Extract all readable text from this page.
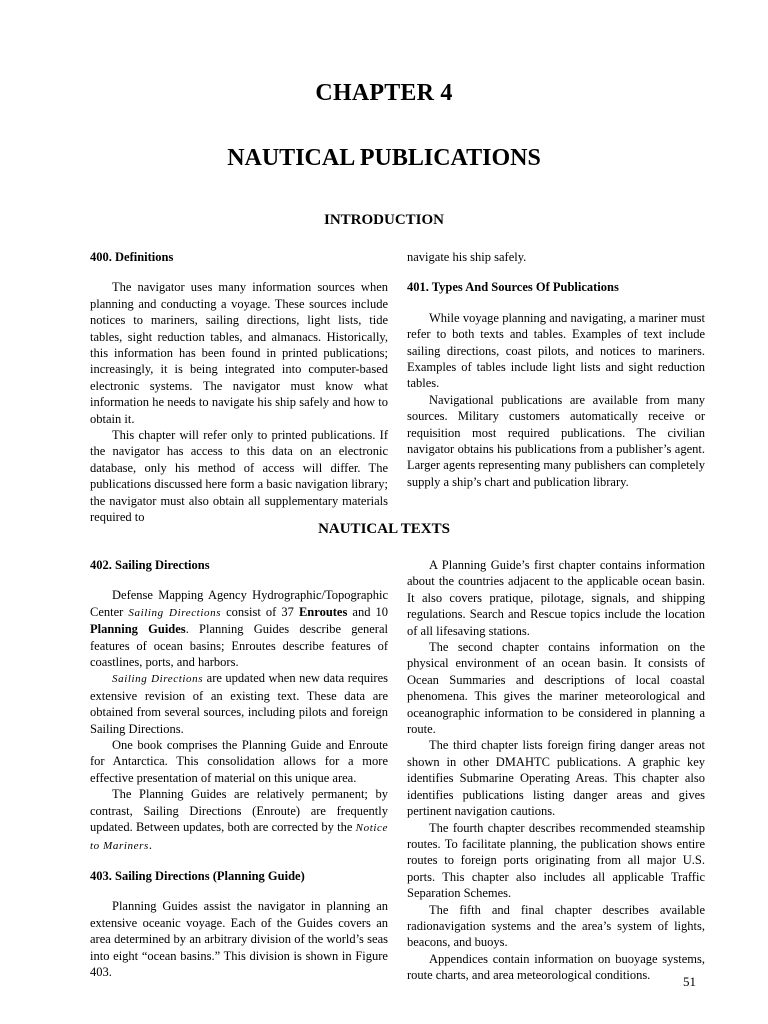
CHAPTER 4
NAUTICAL PUBLICATIONS
INTRODUCTION
400. Definitions

The navigator uses many information sources when planning and conducting a voyage. These sources include notices to mariners, sailing directions, light lists, tide tables, sight reduction tables, and almanacs. Historically, this information has been found in printed publications; increasingly, it is being integrated into computer-based electronic systems. The navigator must know what information he needs to navigate his ship safely and how to obtain it.

This chapter will refer only to printed publications. If the navigator has access to this data on an electronic database, only his method of access will differ. The publications discussed here form a basic navigation library; the navigator must also obtain all supplementary materials required to

navigate his ship safely.

401. Types And Sources Of Publications

While voyage planning and navigating, a mariner must refer to both texts and tables. Examples of text include sailing directions, coast pilots, and notices to mariners. Examples of tables include light lists and sight reduction tables.

Navigational publications are available from many sources. Military customers automatically receive or requisition most required publications. The civilian navigator obtains his publications from a publisher’s agent. Larger agents representing many publishers can completely supply a ship’s chart and publication library.

NAUTICAL TEXTS
402. Sailing Directions

Defense Mapping Agency Hydrographic/Topographic Center Sailing Directions consist of 37 Enroutes and 10 Planning Guides. Planning Guides describe general features of ocean basins; Enroutes describe features of coastlines, ports, and harbors.

Sailing Directions are updated when new data requires extensive revision of an existing text. These data are obtained from several sources, including pilots and foreign Sailing Directions.

One book comprises the Planning Guide and Enroute for Antarctica. This consolidation allows for a more effective presentation of material on this unique area.

The Planning Guides are relatively permanent; by contrast, Sailing Directions (Enroute) are frequently updated. Between updates, both are corrected by the Notice to Mariners.

403. Sailing Directions (Planning Guide)

Planning Guides assist the navigator in planning an extensive oceanic voyage. Each of the Guides covers an area determined by an arbitrary division of the world’s seas into eight “ocean basins.” This division is shown in Figure 403.

A Planning Guide’s first chapter contains information about the countries adjacent to the applicable ocean basin. It also covers pratique, pilotage, signals, and shipping regulations. Search and Rescue topics include the location of all lifesaving stations.

The second chapter contains information on the physical environment of an ocean basin. It consists of Ocean Summaries and descriptions of local coastal phenomena. This gives the mariner meteorological and oceanographic information to be considered in planning a route.

The third chapter lists foreign firing danger areas not shown in other DMAHTC publications. A graphic key identifies Submarine Operating Areas. This chapter also identifies publications listing danger areas and gives pertinent navigation cautions.

The fourth chapter describes recommended steamship routes. To facilitate planning, the publication shows entire routes to foreign ports originating from all major U.S. ports. This chapter also includes all applicable Traffic Separation Schemes.

The fifth and final chapter describes available radionavigation systems and the area’s system of lights, beacons, and buoys.

Appendices contain information on buoyage systems, route charts, and area meteorological conditions.	51
